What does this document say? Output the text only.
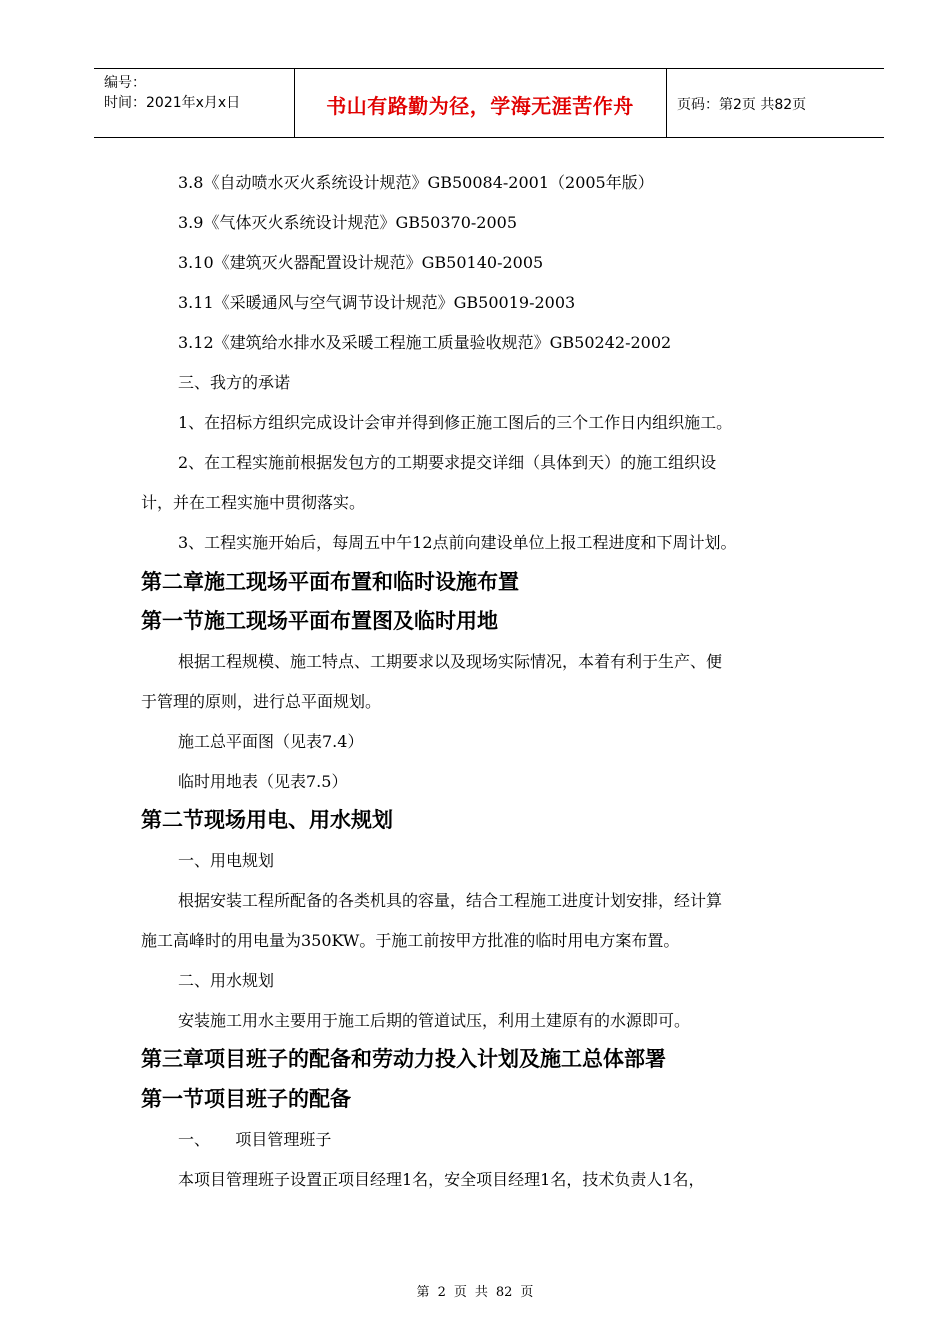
编号：
时间：2021年x月x日	书山有路勤为径，学海无涯苦作舟	页码：第2页 共82页
3.8《自动喷水灭火系统设计规范》GB50084-2001（2005年版）
3.9《气体灭火系统设计规范》GB50370-2005
3.10《建筑灭火器配置设计规范》GB50140-2005
3.11《采暖通风与空气调节设计规范》GB50019-2003
3.12《建筑给水排水及采暖工程施工质量验收规范》GB50242-2002
三、我方的承诺
1、在招标方组织完成设计会审并得到修正施工图后的三个工作日内组织施工。
2、在工程实施前根据发包方的工期要求提交详细（具体到天）的施工组织设
计，并在工程实施中贯彻落实。
3、工程实施开始后，每周五中午12点前向建设单位上报工程进度和下周计划。
第二章施工现场平面布置和临时设施布置
第一节施工现场平面布置图及临时用地
根据工程规模、施工特点、工期要求以及现场实际情况，本着有利于生产、便
于管理的原则，进行总平面规划。
施工总平面图（见表7.4）
临时用地表（见表7.5）
第二节现场用电、用水规划
一、用电规划
根据安装工程所配备的各类机具的容量，结合工程施工进度计划安排，经计算
施工高峰时的用电量为350KW。于施工前按甲方批准的临时用电方案布置。
二、用水规划
安装施工用水主要用于施工后期的管道试压，利用土建原有的水源即可。
第三章项目班子的配备和劳动力投入计划及施工总体部署
第一节项目班子的配备
一、     项目管理班子
本项目管理班子设置正项目经理1名，安全项目经理1名，技术负责人1名，
第 2 页 共 82 页
